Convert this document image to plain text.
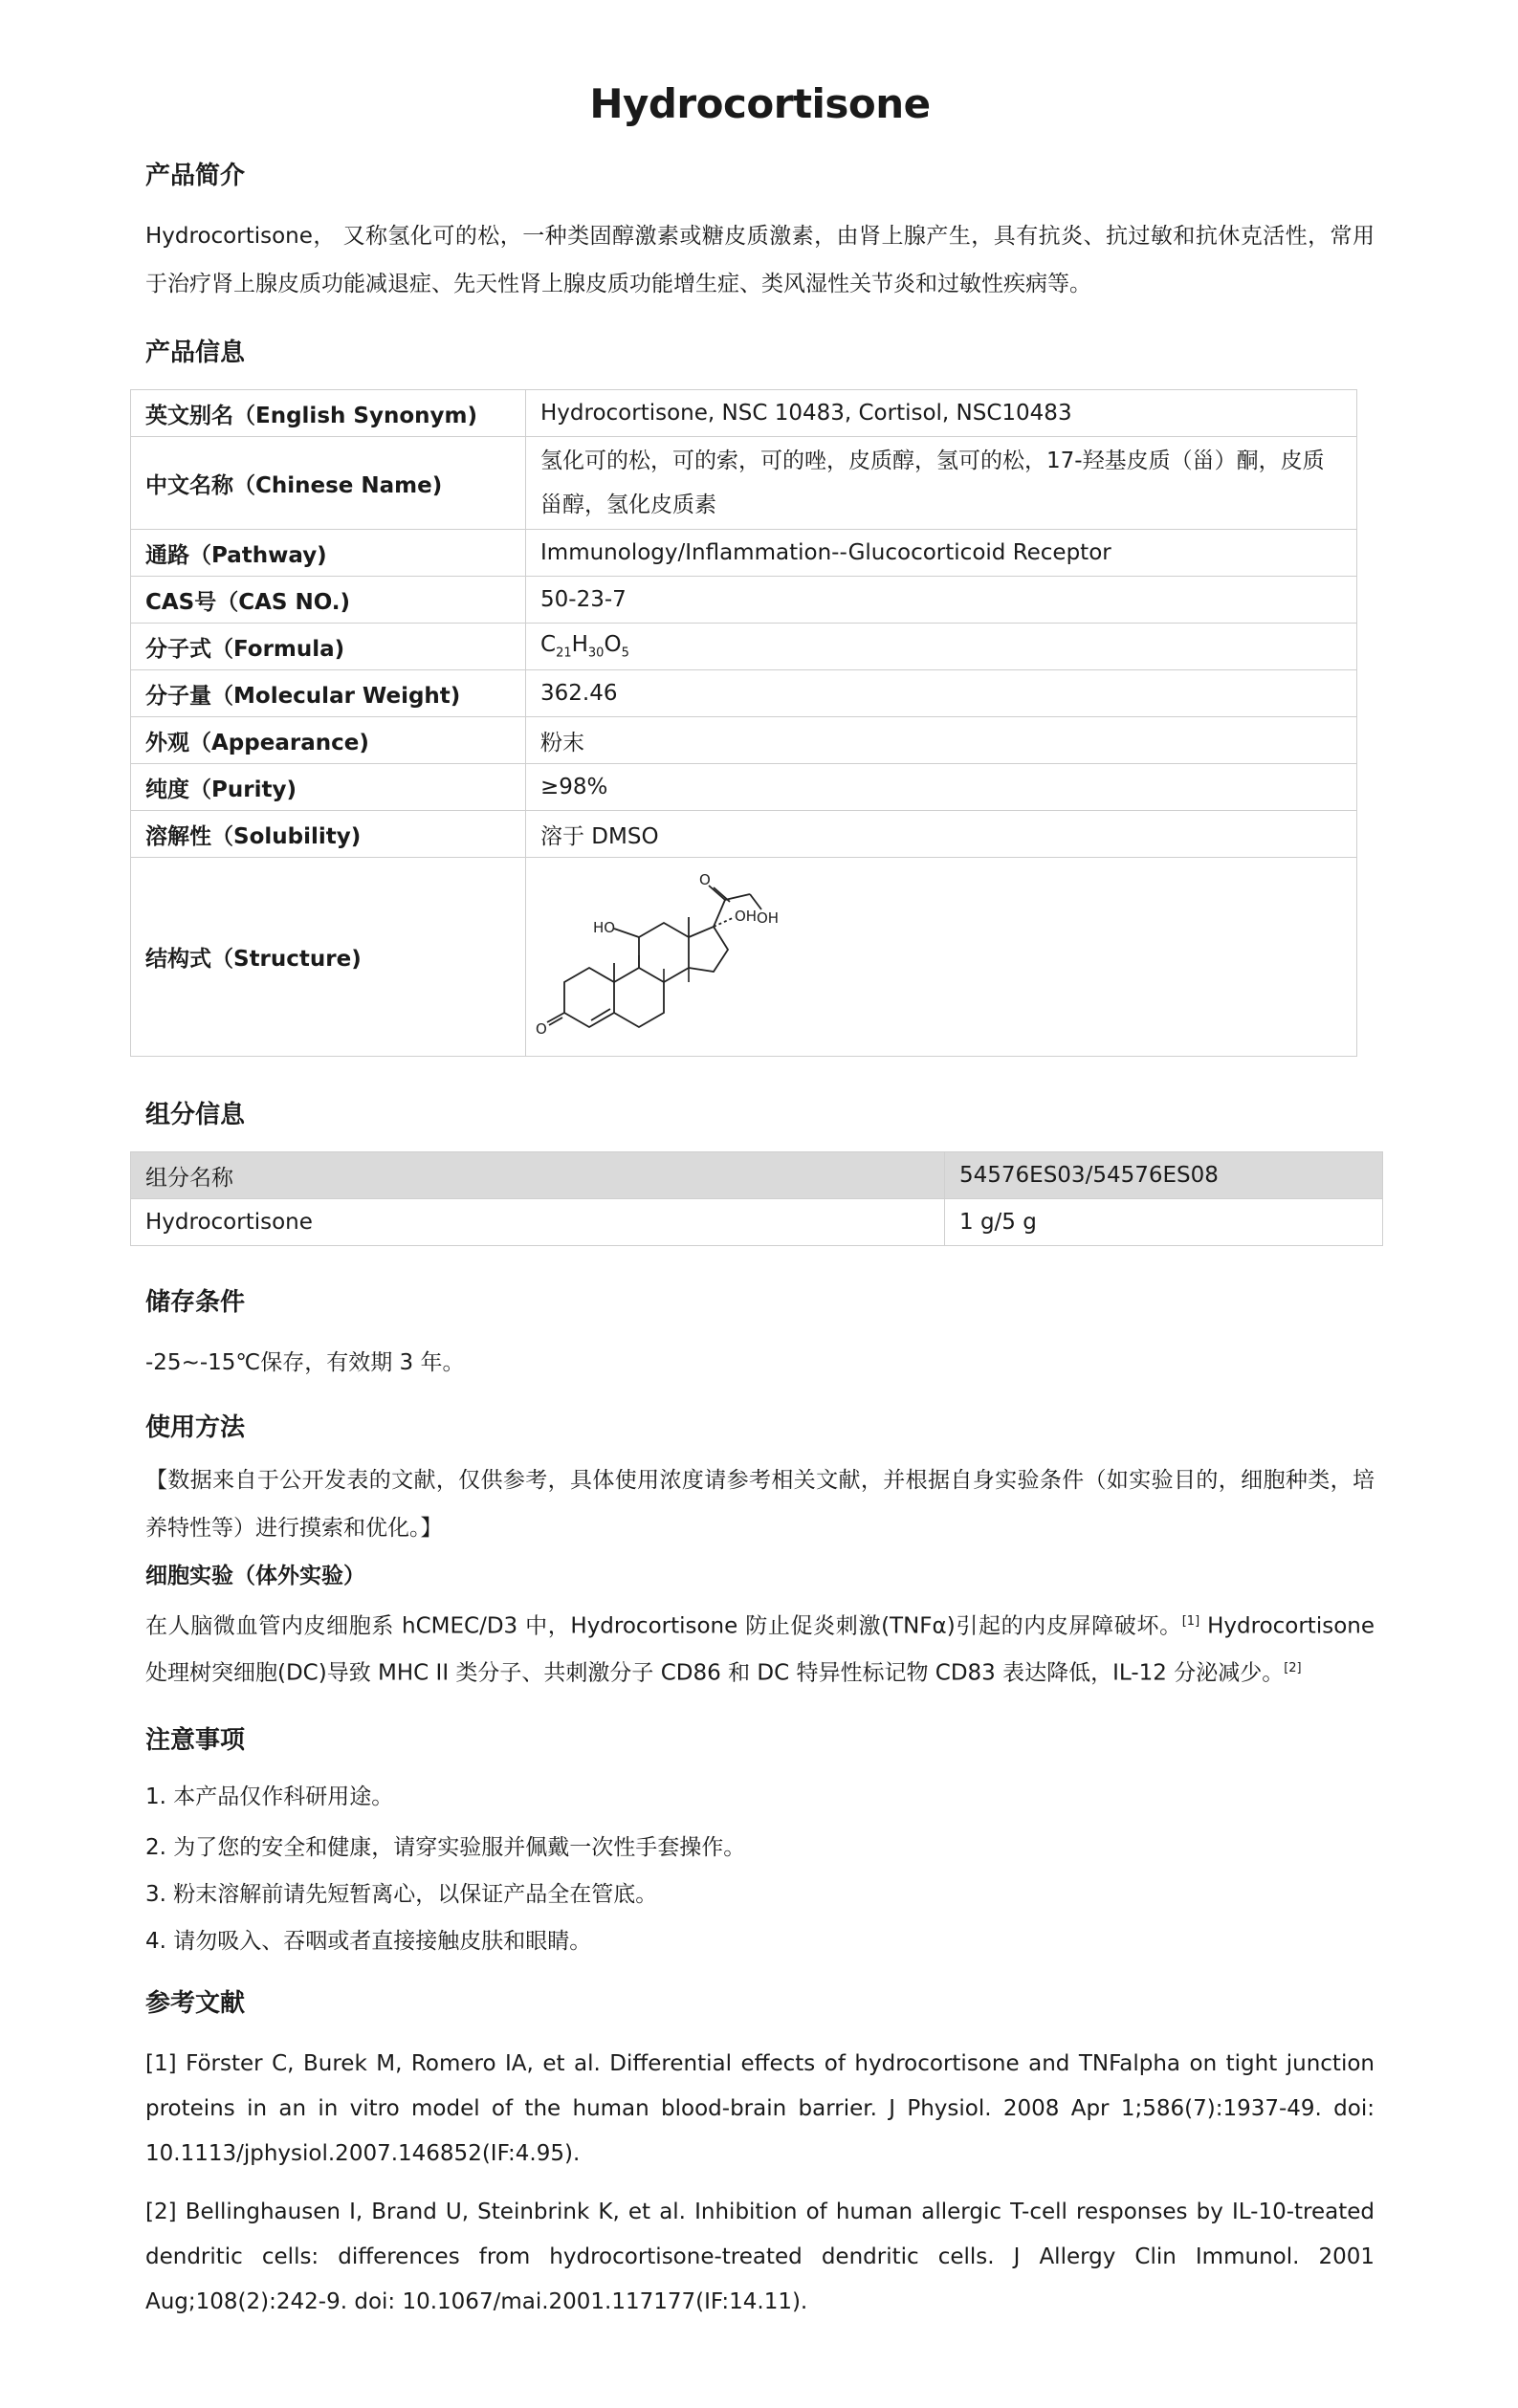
Hydrocortisone
产品简介

Hydrocortisone， 又称氢化可的松，一种类固醇激素或糖皮质激素，由肾上腺产生，具有抗炎、抗过敏和抗休克活性，常用于治疗肾上腺皮质功能减退症、先天性肾上腺皮质功能增生症、类风湿性关节炎和过敏性疾病等。

产品信息
英文别名（English Synonym)	Hydrocortisone, NSC 10483, Cortisol, NSC10483
中文名称（Chinese Name)	氢化可的松，可的索，可的唑，皮质醇，氢可的松，17-羟基皮质（甾）酮，皮质甾醇，氢化皮质素
通路（Pathway)	Immunology/Inflammation--Glucocorticoid Receptor
CAS号（CAS NO.)	50-23-7
分子式（Formula)	$C_{21}H_{30}O_5$
分子量（Molecular Weight)	362.46
外观（Appearance)	粉末
纯度（Purity)	≥98%
溶解性（Solubility)	溶于 DMSO
结构式（Structure)	O
HO
O
OH
OH
组分信息
组分名称	54576ES03/54576ES08
Hydrocortisone	1 g/5 g
储存条件

-25~-15℃保存，有效期 3 年。

使用方法

【数据来自于公开发表的文献，仅供参考，具体使用浓度请参考相关文献，并根据自身实验条件（如实验目的，细胞种类，培养特性等）进行摸索和优化。】

细胞实验（体外实验）

在人脑微血管内皮细胞系 hCMEC/D3 中，Hydrocortisone 防止促炎刺激(TNFα)引起的内皮屏障破坏。[1] Hydrocortisone 处理树突细胞(DC)导致 MHC II 类分子、共刺激分子 CD86 和 DC 特异性标记物 CD83 表达降低，IL-12 分泌减少。[2]

注意事项

1. 本产品仅作科研用途。

2. 为了您的安全和健康，请穿实验服并佩戴一次性手套操作。

3. 粉末溶解前请先短暂离心，以保证产品全在管底。

4. 请勿吸入、吞咽或者直接接触皮肤和眼睛。

参考文献

[1] Förster C, Burek M, Romero IA, et al. Differential effects of hydrocortisone and TNFalpha on tight junction proteins in an in vitro model of the human blood-brain barrier. J Physiol. 2008 Apr 1;586(7):1937-49. doi: 10.1113/jphysiol.2007.146852(IF:4.95).

[2] Bellinghausen I, Brand U, Steinbrink K, et al. Inhibition of human allergic T-cell responses by IL-10-treated dendritic cells: differences from hydrocortisone-treated dendritic cells. J Allergy Clin Immunol. 2001 Aug;108(2):242-9. doi: 10.1067/mai.2001.117177(IF:14.11).
